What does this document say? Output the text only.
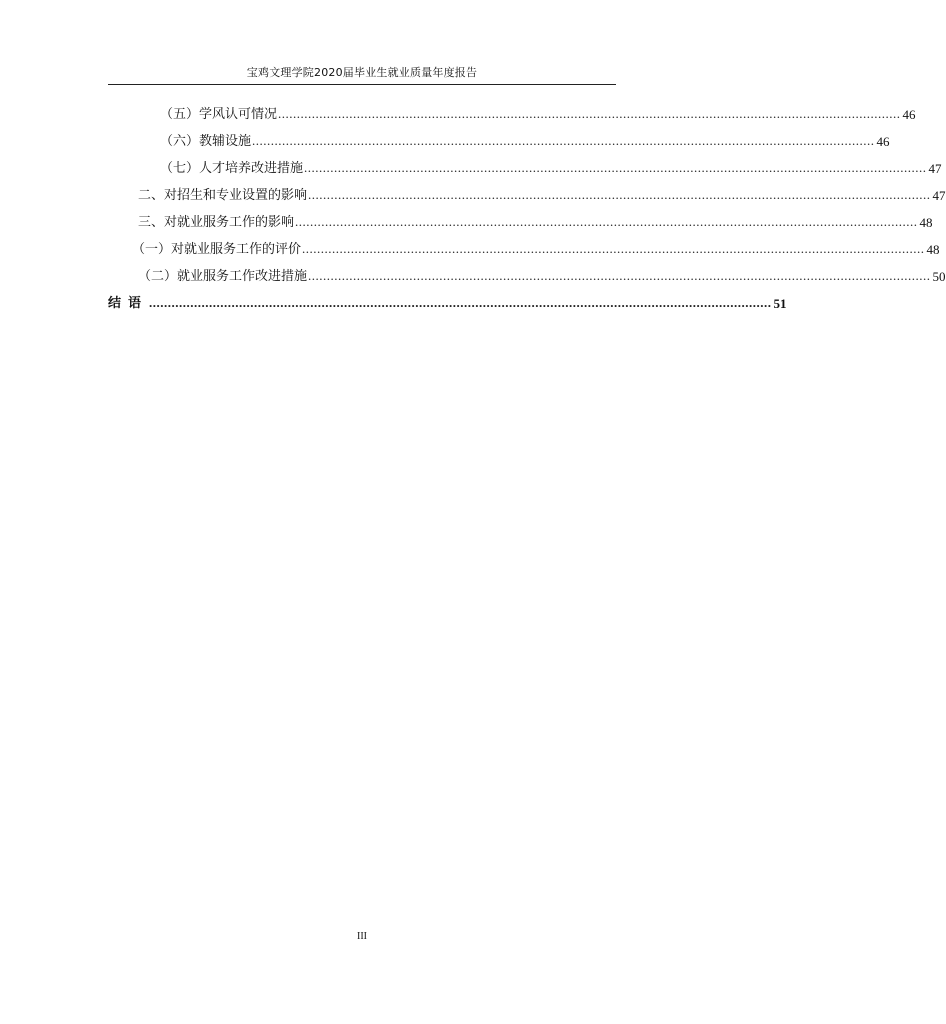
宝鸡文理学院2020届毕业生就业质量年度报告
（五）学风认可情况 ...................................................................................................................................................................... 46
（六）教辅设施 ...................................................................................................................................................................... 46
（七）人才培养改进措施 ...................................................................................................................................................................... 47
二、对招生和专业设置的影响 ...................................................................................................................................................................... 47
三、对就业服务工作的影响 ...................................................................................................................................................................... 48
（一）对就业服务工作的评价 ...................................................................................................................................................................... 48
（二）就业服务工作改进措施 ...................................................................................................................................................................... 50
结语 ...................................................................................................................................................................... 51
III
